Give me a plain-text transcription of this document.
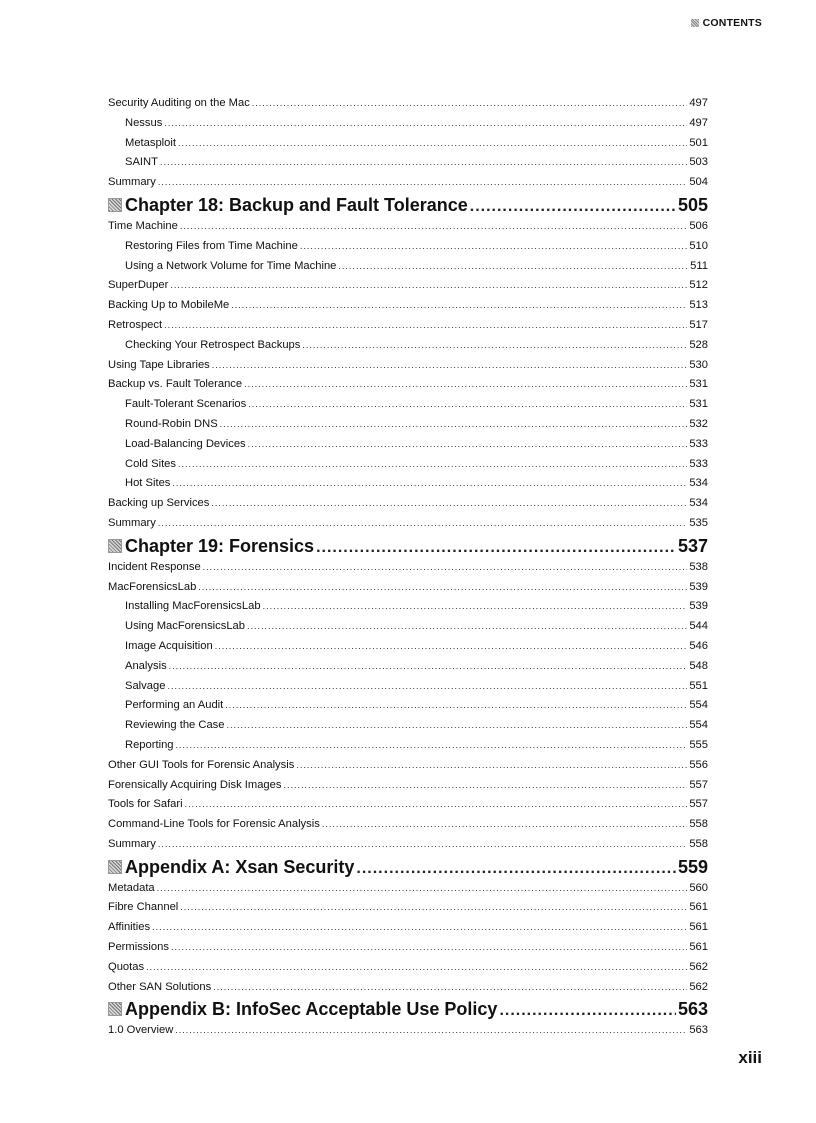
CONTENTS
Security Auditing on the Mac .....	497
Nessus .....	497
Metasploit .....	501
SAINT .....	503
Summary .....	504
Chapter 18: Backup and Fault Tolerance .....	505
Time Machine .....	506
Restoring Files from Time Machine .....	510
Using a Network Volume for Time Machine .....	511
SuperDuper .....	512
Backing Up to MobileMe .....	513
Retrospect .....	517
Checking Your Retrospect Backups .....	528
Using Tape Libraries .....	530
Backup vs. Fault Tolerance .....	531
Fault-Tolerant Scenarios .....	531
Round-Robin DNS .....	532
Load-Balancing Devices .....	533
Cold Sites .....	533
Hot Sites .....	534
Backing up Services .....	534
Summary .....	535
Chapter 19: Forensics .....	537
Incident Response .....	538
MacForensicsLab .....	539
Installing MacForensicsLab .....	539
Using MacForensicsLab .....	544
Image Acquisition .....	546
Analysis .....	548
Salvage .....	551
Performing an Audit .....	554
Reviewing the Case .....	554
Reporting .....	555
Other GUI Tools for Forensic Analysis .....	556
Forensically Acquiring Disk Images .....	557
Tools for Safari .....	557
Command-Line Tools for Forensic Analysis .....	558
Summary .....	558
Appendix A: Xsan Security .....	559
Metadata .....	560
Fibre Channel .....	561
Affinities .....	561
Permissions .....	561
Quotas .....	562
Other SAN Solutions .....	562
Appendix B: InfoSec Acceptable Use Policy .....	563
1.0 Overview .....	563
xiii
